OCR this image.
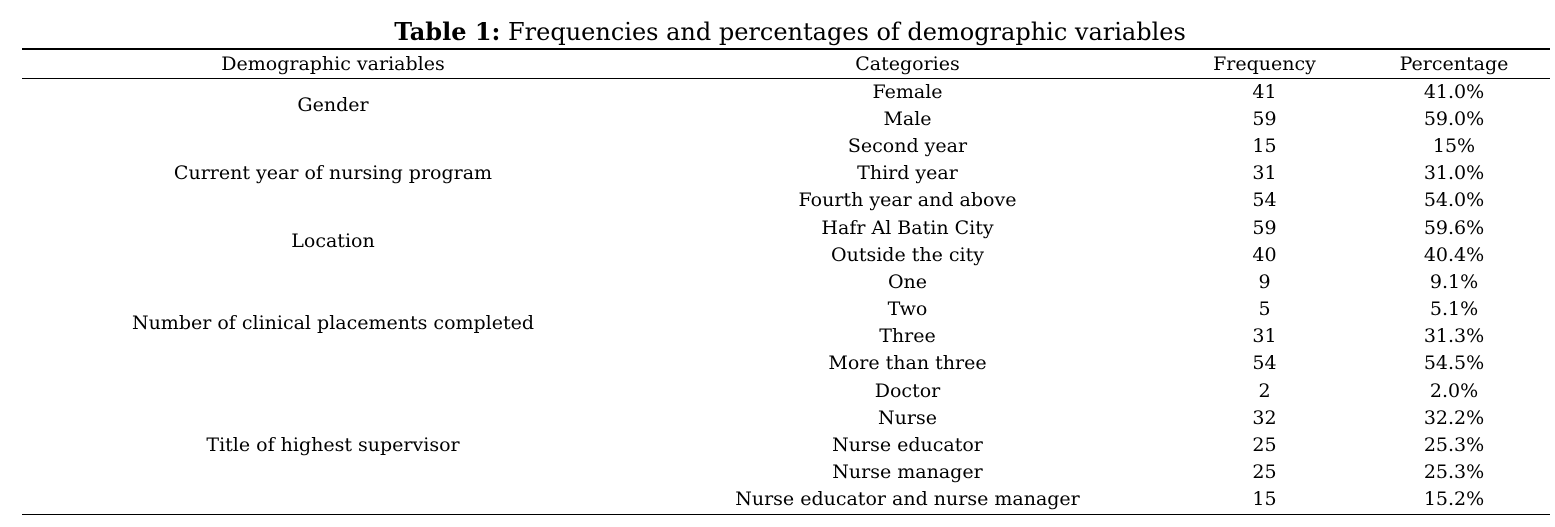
Table 1: Frequencies and percentages of demographic variables
Demographic variables	Categories	Frequency	Percentage
Gender	Female	41	41.0%
	Male	59	59.0%
Current year of nursing program	Second year	15	15%
	Third year	31	31.0%
	Fourth year and above	54	54.0%
Location	Hafr Al Batin City	59	59.6%
	Outside the city	40	40.4%
Number of clinical placements completed	One	9	9.1%
	Two	5	5.1%
	Three	31	31.3%
	More than three	54	54.5%
Title of highest supervisor	Doctor	2	2.0%
	Nurse	32	32.2%
	Nurse educator	25	25.3%
	Nurse manager	25	25.3%
	Nurse educator and nurse manager	15	15.2%
